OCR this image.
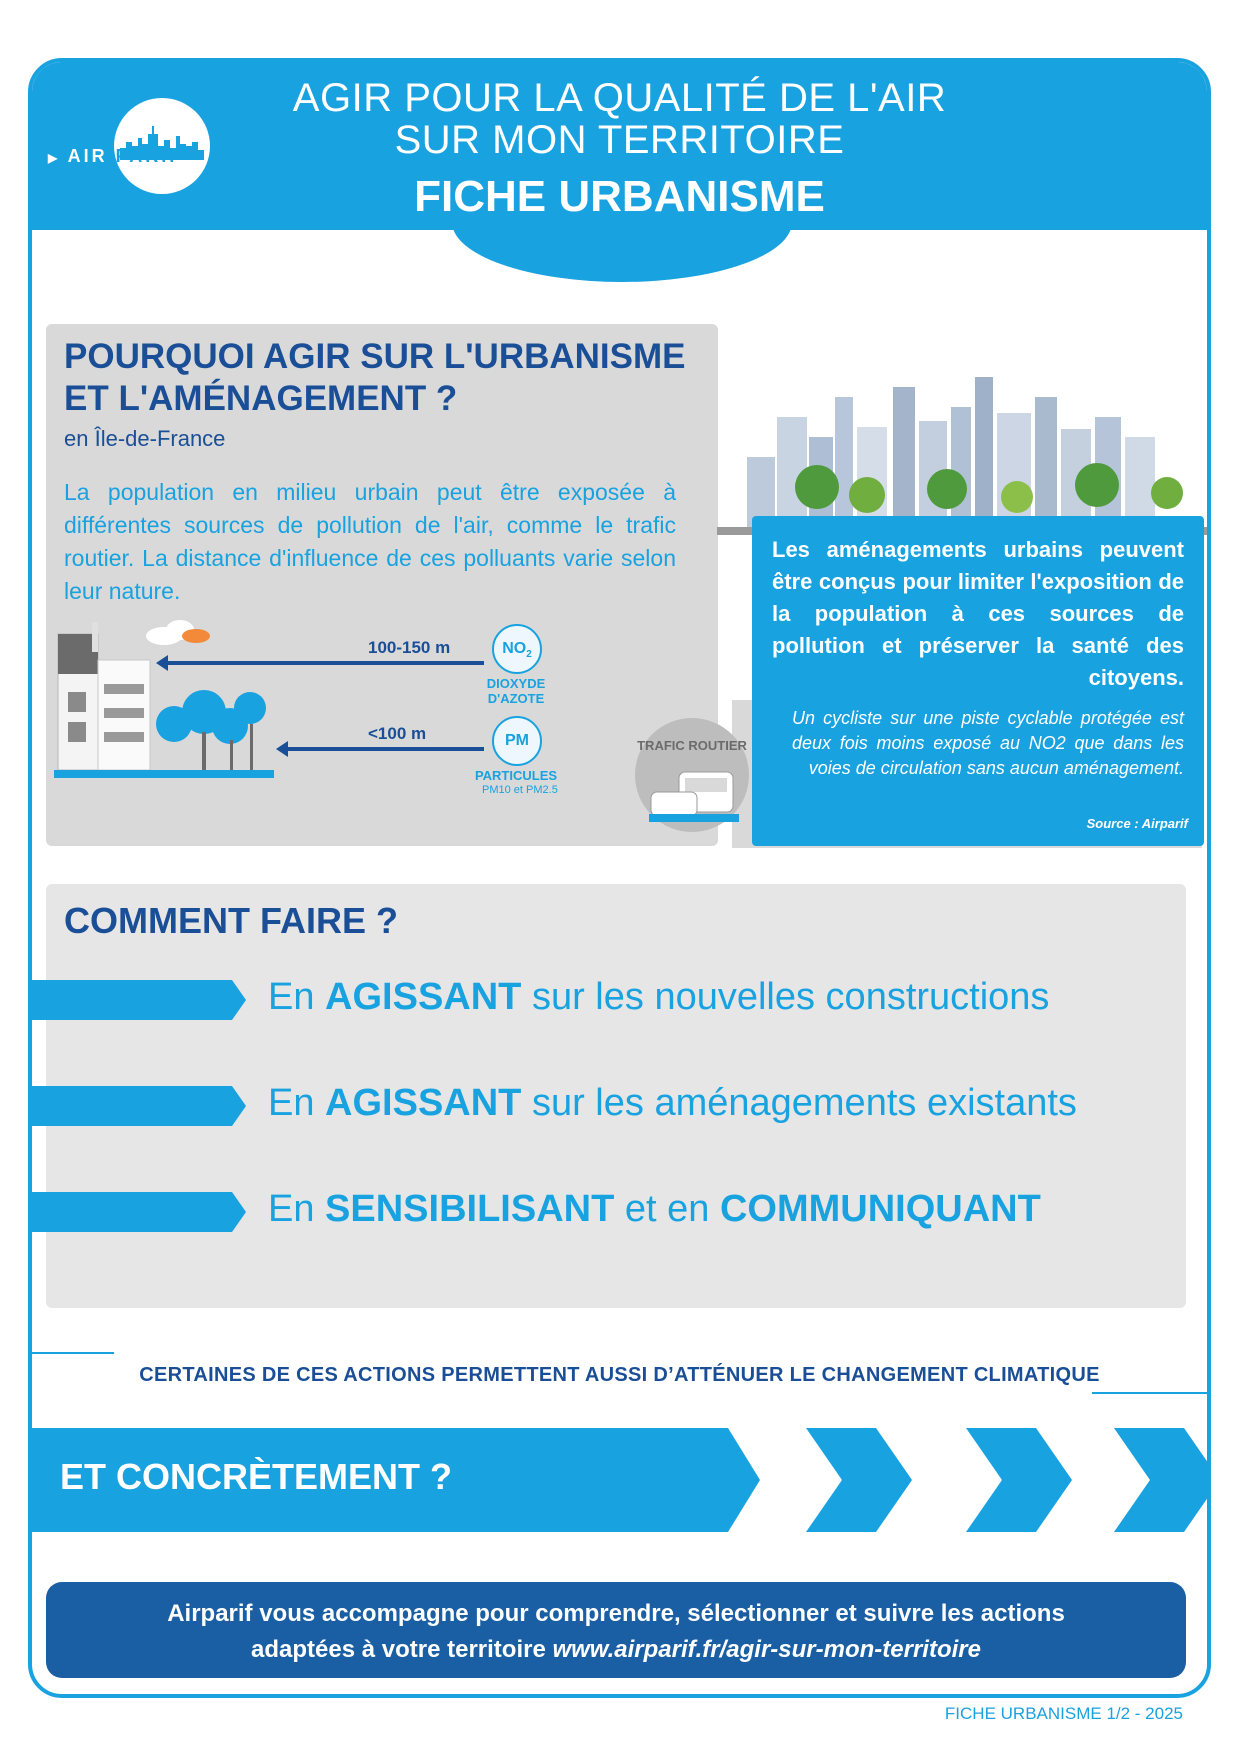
▶ AIR PARIF

AGIR POUR LA QUALITÉ DE L'AIR

SUR MON TERRITOIRE

FICHE URBANISME

POURQUOI AGIR SUR L'URBANISME ET L'AMÉNAGEMENT ?
en Île-de-France
La population en milieu urbain peut être exposée à différentes sources de pollution de l'air, comme le trafic routier. La distance d'influence de ces polluants varie selon leur nature.
100-150 m
<100 m
$NO_2$
DIOXYDE D'AZOTE
PM
PARTICULES
PM10 et PM2.5
TRAFIC ROUTIER
Les aménagements urbains peuvent être conçus pour limiter l'exposition de la population à ces sources de pollution et préserver la santé des citoyens.
Un cycliste sur une piste cyclable protégée est deux fois moins exposé au NO2 que dans les voies de circulation sans aucun aménagement.
Source : Airparif
COMMENT FAIRE ?
En AGISSANT sur les nouvelles constructions
En AGISSANT sur les aménagements existants
En SENSIBILISANT et en COMMUNIQUANT
CERTAINES DE CES ACTIONS PERMETTENT AUSSI D’ATTÉNUER LE CHANGEMENT CLIMATIQUE
ET CONCRÈTEMENT ?
Airparif vous accompagne pour comprendre, sélectionner et suivre les actions
adaptées à votre territoire www.airparif.fr/agir-sur-mon-territoire
FICHE URBANISME 1/2 - 2025
